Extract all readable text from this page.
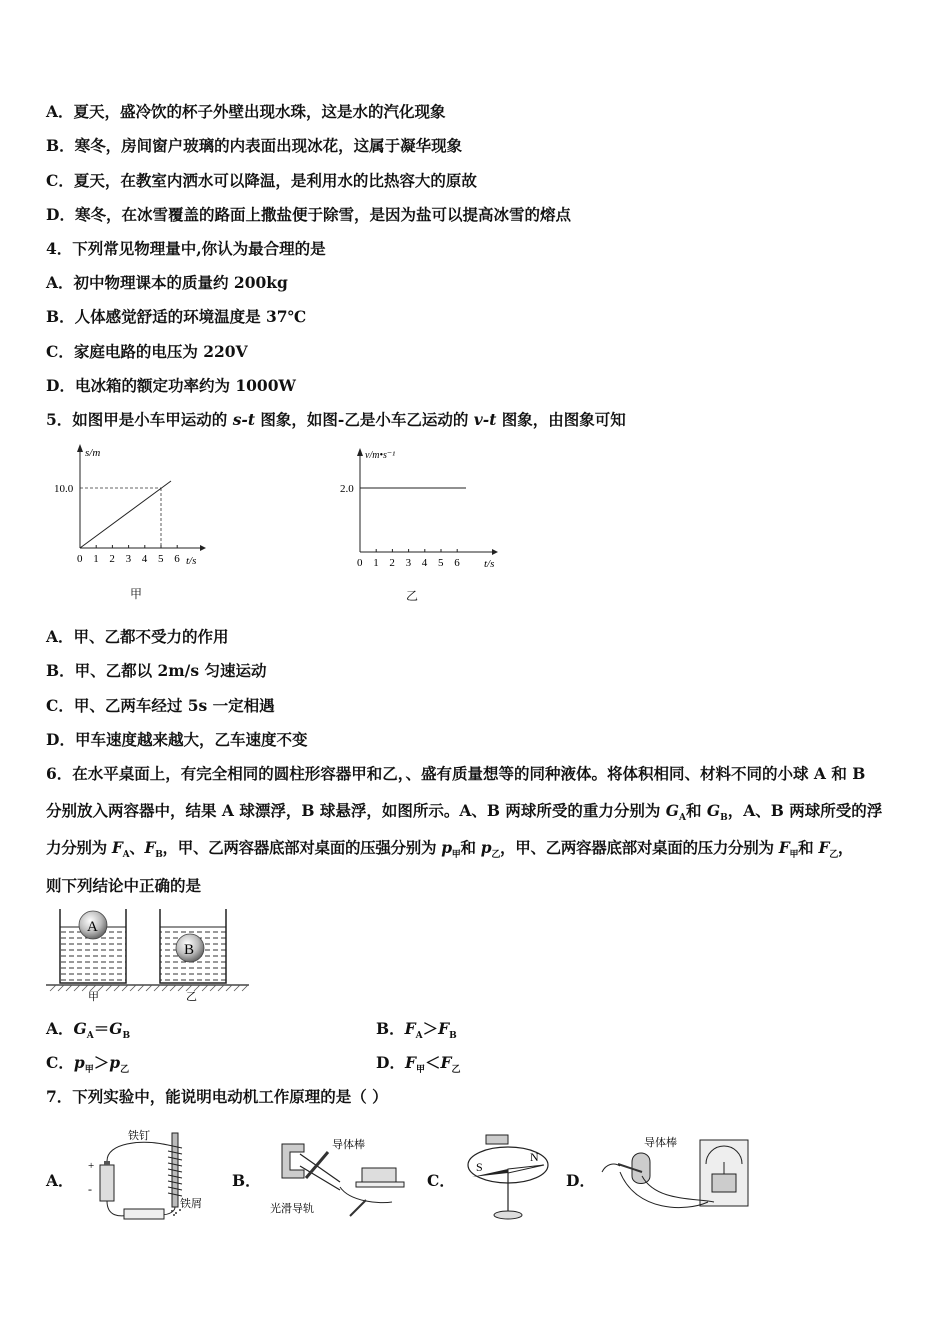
A．夏天，盛冷饮的杯子外壁出现水珠，这是水的汽化现象
B．寒冬，房间窗户玻璃的内表面出现冰花，这属于凝华现象
C．夏天，在教室内洒水可以降温，是利用水的比热容大的原故
D．寒冬，在冰雪覆盖的路面上撒盐便于除雪，是因为盐可以提高冰雪的熔点
4．下列常见物理量中,你认为最合理的是
A．初中物理课本的质量约 200kg
B．人体感觉舒适的环境温度是 37℃
C．家庭电路的电压为 220V
D．电冰箱的额定功率约为 1000W
5．如图甲是小车甲运动的 s-t 图象，如图-乙是小车乙运动的 v-t 图象，由图象可知
s/m
t/s
10.0
0 1 2 3 4 5 6
甲
v/m•s⁻¹
t/s
2.0
0 1 2 3 4 5 6
乙
A．甲、乙都不受力的作用
B．甲、乙都以 2m/s 匀速运动
C．甲、乙两车经过 5s 一定相遇
D．甲车速度越来越大，乙车速度不变
6．在水平桌面上，有完全相同的圆柱形容器甲和乙，、盛有质量想等的同种液体。将体积相同、材料不同的小球 A 和 B
分别放入两容器中，结果 A 球漂浮，B 球悬浮，如图所示。A、B 两球所受的重力分别为 $G_A$和 $G_B$，A、B 两球所受的浮
力分别为 $F_A$、$F_B$，甲、乙两容器底部对桌面的压强分别为 $p_甲$和 $p_乙$，甲、乙两容器底部对桌面的压力分别为 $F_甲$和 $F_乙$，
则下列结论中正确的是
A
B
甲	乙
A．$G_A=G_B$	B．$F_A>F_B$
C．$p_甲>p_乙$	D．$F_甲<F_乙$
7．下列实验中，能说明电动机工作原理的是（ ）
A．	B．	C．	D．
铁钉
+
-
铁屑
导体棒
光滑导轨
S
N
导体棒
